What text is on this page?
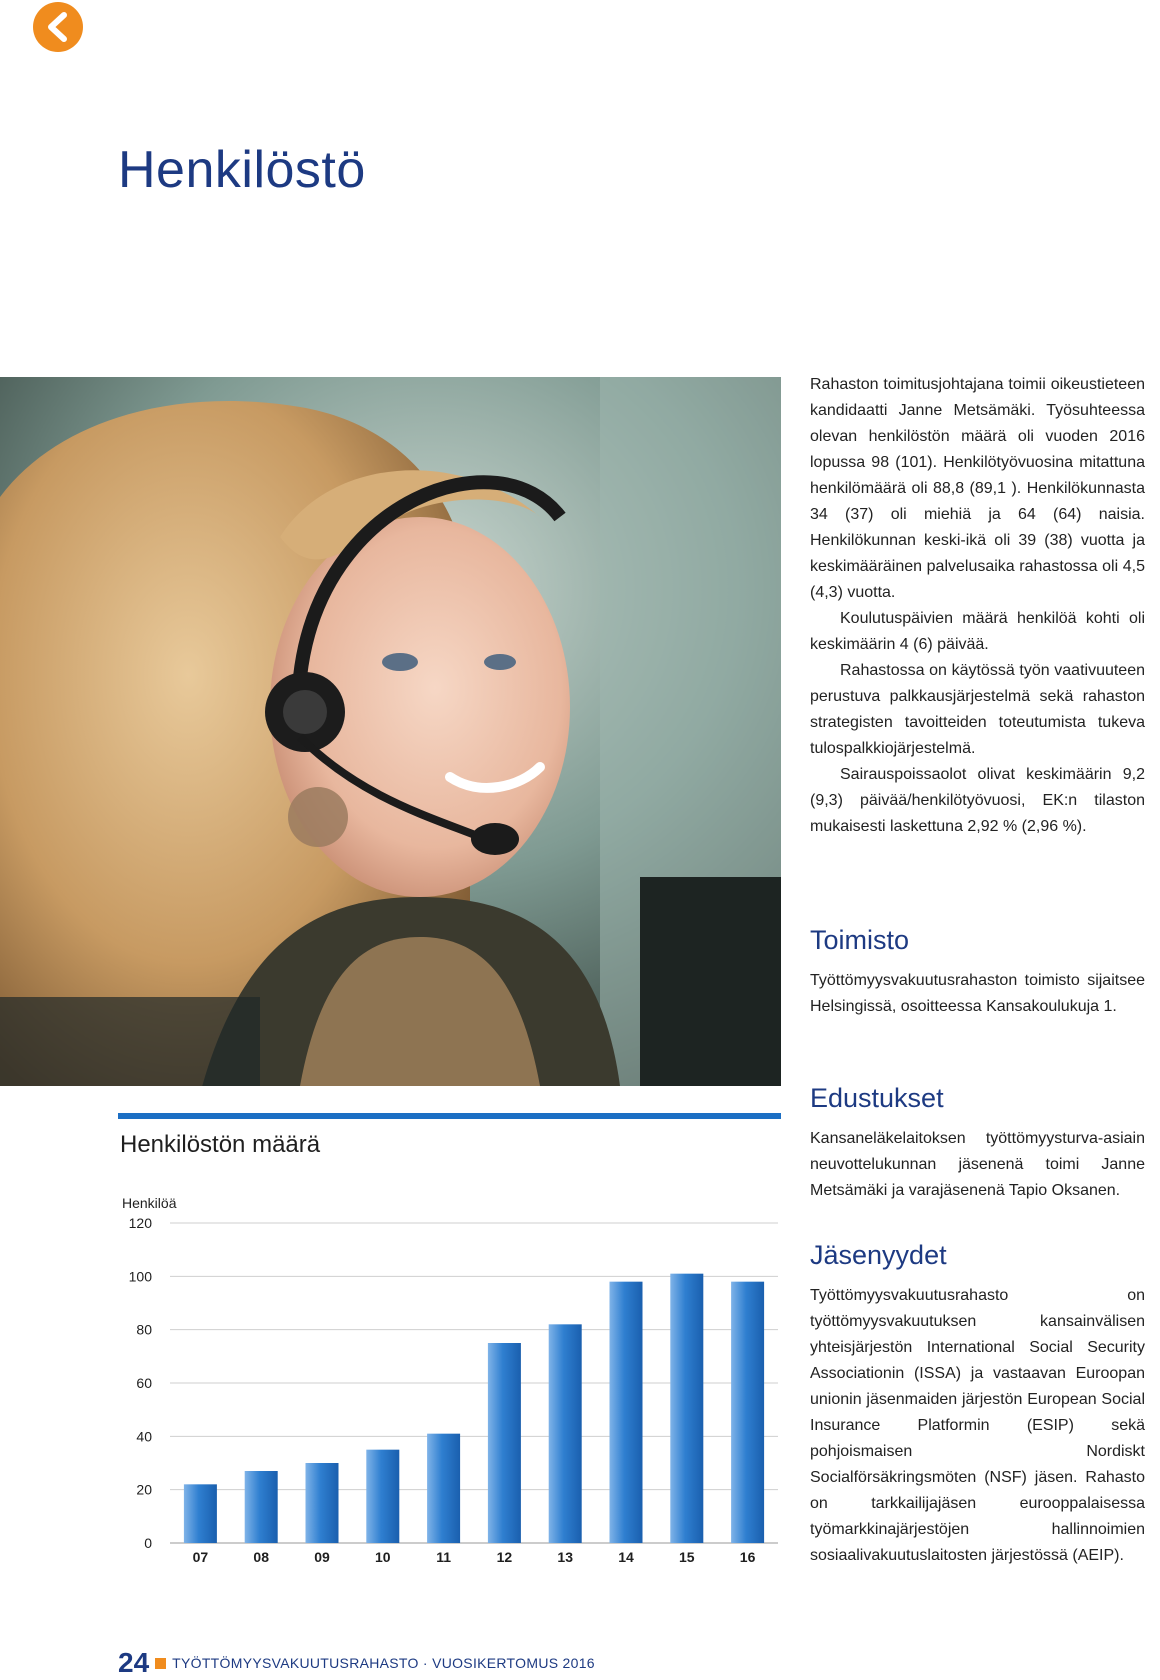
Henkilöstö

Rahaston toimitusjohtajana toimii oikeustieteen kandidaatti Janne Metsämäki. Työsuhteessa olevan henkilöstön määrä oli vuoden 2016 lopussa 98 (101). Henkilötyövuosina mitattuna henkilömäärä oli 88,8 (89,1 ). Henkilökunnasta 34 (37) oli miehiä ja 64 (64) naisia. Henkilökunnan keski-ikä oli 39 (38) vuotta ja keskimääräinen palvelusaika rahastossa oli 4,5 (4,3) vuotta.

Koulutuspäivien määrä henkilöä kohti oli keskimäärin 4 (6) päivää.

Rahastossa on käytössä työn vaativuuteen perustuva palkkausjärjestelmä sekä rahaston strategisten tavoitteiden toteutumista tukeva tulospalkkiojärjestelmä.

Sairauspoissaolot olivat keskimäärin 9,2 (9,3) päivää/henkilötyövuosi, EK:n tilaston mukaisesti laskettuna 2,92 % (2,96 %).

Toimisto

Työttömyysvakuutusrahaston toimisto sijaitsee Helsingissä, osoitteessa Kansakoulukuja 1.

Edustukset

Kansaneläkelaitoksen työttömyysturva-asiain neuvottelukunnan jäsenenä toimi Janne Metsämäki ja varajäsenenä Tapio Oksanen.

Jäsenyydet

Työttömyysvakuutusrahasto on työttömyysvakuutuksen kansainvälisen yhteisjärjestön International Social Security Associationin (ISSA) ja vastaavan Euroopan unionin jäsenmaiden järjestön European Social Insurance Platformin (ESIP) sekä pohjoismaisen Nordiskt Socialförsäkringsmöten (NSF) jäsen. Rahasto on tarkkailijajäsen eurooppalaisessa työmarkkinajärjestöjen hallinnoimien sosiaalivakuutuslaitosten järjestössä (AEIP).

Henkilöstön määrä
Henkilöä
0
20
40
60
80
100
120
07	08	09	10	11	12	13	14	15	16
24 TYÖTTÖMYYSVAKUUTUSRAHASTO · VUOSIKERTOMUS 2016
